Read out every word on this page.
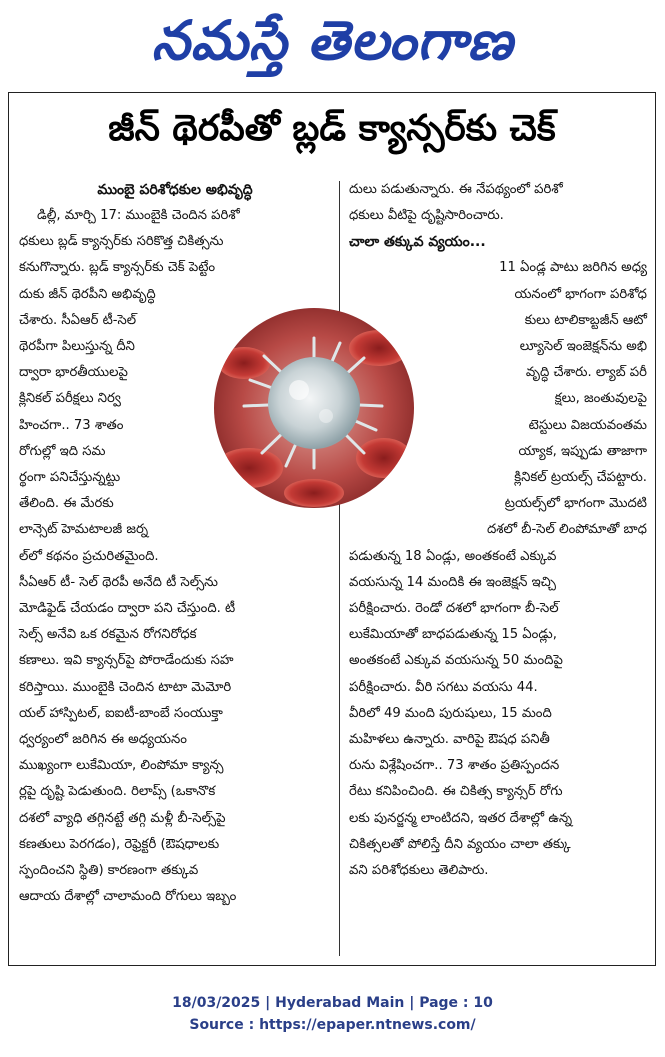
నమస్తే తెలంగాణ
జీన్ థెరపీతో బ్లడ్ క్యాన్సర్‌కు చెక్

ముంబై పరిశోధకుల అభివృద్ధి

డిల్లీ, మార్చి 17: ముంబైకి చెందిన పరిశో
ధకులు బ్లడ్ క్యాన్సర్‌కు సరికొత్త చికిత్సను
కనుగొన్నారు. బ్లడ్ క్యాన్సర్‌కు చెక్ పెట్టేం
దుకు జీన్ థెరపీని అభివృద్ధి
చేశారు. సీఏఆర్ టీ-సెల్
థెరపీగా పిలుస్తున్న దీని
ద్వారా భారతీయులపై
క్లినికల్ పరీక్షలు నిర్వ
హించగా.. 73 శాతం
రోగుల్లో ఇది సమ
ర్థంగా పనిచేస్తున్నట్టు
తేలింది. ఈ మేరకు
లాన్సెట్ హెమటాలజీ జర్న
ల్‌లో కథనం ప్రచురితమైంది.
సీఏఆర్ టీ- సెల్ థెరపీ అనేది టీ సెల్స్‌ను
మోడిఫైడ్ చేయడం ద్వారా పని చేస్తుంది. టీ
సెల్స్ అనేవి ఒక రకమైన రోగనిరోధక
కణాలు. ఇవి క్యాన్సర్‌పై పోరాడేందుకు సహ
కరిస్తాయి. ముంబైకి చెందిన టాటా మెమోరి
యల్ హాస్పిటల్, ఐఐటీ-బాంబే సంయుక్తా
ధ్వర్యంలో జరిగిన ఈ అధ్యయనం
ముఖ్యంగా లుకేమియా, లింపోమా క్యాన్స
ర్లపై దృష్టి పెడుతుంది. రిలాప్స్ (ఒకానొక
దశలో వ్యాధి తగ్గినట్టే తగ్గి మళ్లీ బీ-సెల్స్‌పై
కణతులు పెరగడం), రెఫ్రెక్టరీ (ఔషధాలకు
స్పందించని స్థితి) కారణంగా తక్కువ
ఆదాయ దేశాల్లో చాలామంది రోగులు ఇబ్బం
దులు పడుతున్నారు. ఈ నేపథ్యంలో పరిశో
ధకులు వీటిపై దృష్టిసారించారు.

చాలా తక్కువ వ్యయం...

11 ఏండ్ల పాటు జరిగిన అధ్య
యనంలో భాగంగా పరిశోధ
కులు టాలికాబ్టజీన్ ఆటో
ల్యూసెల్ ఇంజెక్షన్‌ను అభి
వృద్ధి చేశారు. ల్యాబ్ పరీ
క్షలు, జంతువులపై
టెస్టులు విజయవంతమ
య్యాక, ఇప్పుడు తాజాగా
క్లినికల్ ట్రయల్స్ చేపట్టారు.
ట్రయల్స్‌లో భాగంగా మొదటి
దశలో బీ-సెల్ లింపోమాతో బాధ
పడుతున్న 18 ఏండ్లు, అంతకంటే ఎక్కువ
వయసున్న 14 మందికి ఈ ఇంజెక్షన్ ఇచ్చి
పరీక్షించారు. రెండో దశలో భాగంగా బీ-సెల్
లుకేమియాతో బాధపడుతున్న 15 ఏండ్లు,
అంతకంటే ఎక్కువ వయసున్న 50 మందిపై
పరీక్షించారు. వీరి సగటు వయసు 44.
వీరిలో 49 మంది పురుషులు, 15 మంది
మహిళలు ఉన్నారు. వారిపై ఔషధ పనితీ
రును విశ్లేషించగా.. 73 శాతం ప్రతిస్పందన
రేటు కనిపించింది. ఈ చికిత్స క్యాన్సర్ రోగు
లకు పునర్జన్మ లాంటిదని, ఇతర దేశాల్లో ఉన్న
చికిత్సలతో పోలిస్తే దీని వ్యయం చాలా తక్కు
వని పరిశోధకులు తెలిపారు.
18/03/2025 | Hyderabad Main | Page : 10
Source : https://epaper.ntnews.com/
